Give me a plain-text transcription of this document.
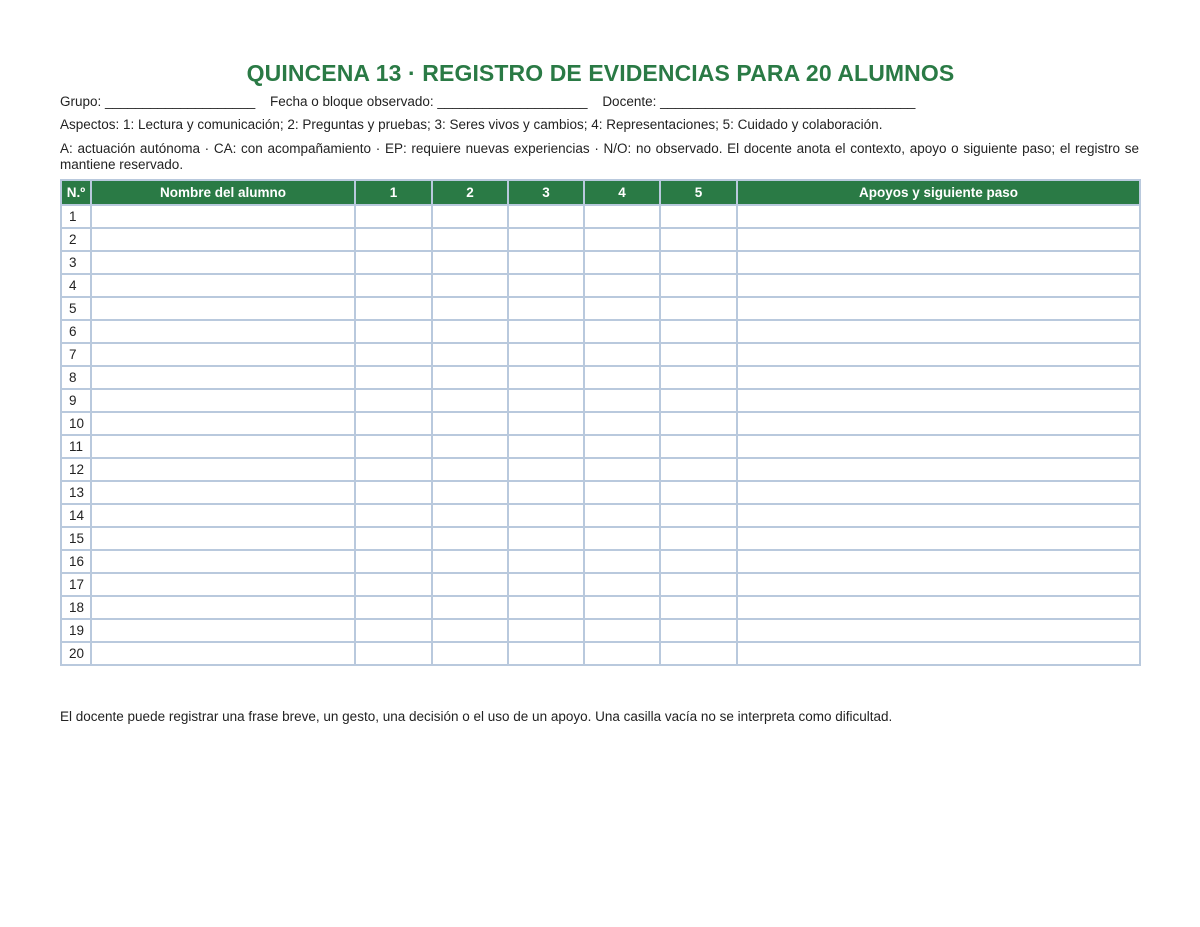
QUINCENA 13 · REGISTRO DE EVIDENCIAS PARA 20 ALUMNOS
Grupo: ____________________ Fecha o bloque observado: ____________________ Docente: __________________________________
Aspectos: 1: Lectura y comunicación; 2: Preguntas y pruebas; 3: Seres vivos y cambios; 4: Representaciones; 5: Cuidado y colaboración.
A: actuación autónoma · CA: con acompañamiento · EP: requiere nuevas experiencias · N/O: no observado. El docente anota el contexto, apoyo o siguiente paso; el registro se mantiene reservado.
N.º	Nombre del alumno	1	2	3	4	5	Apoyos y siguiente paso
1							
2							
3							
4							
5							
6							
7							
8							
9							
10							
11							
12							
13							
14							
15							
16							
17							
18							
19							
20							
El docente puede registrar una frase breve, un gesto, una decisión o el uso de un apoyo. Una casilla vacía no se interpreta como dificultad.
